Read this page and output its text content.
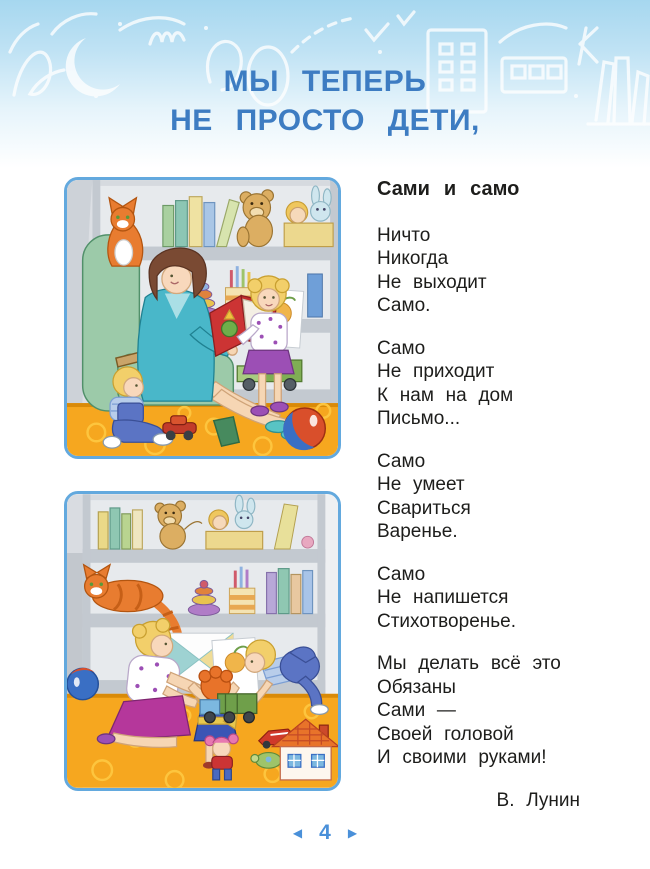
МЫ ТЕПЕРЬ
НЕ ПРОСТО ДЕТИ,
Сами и само
Ничто
Никогда
Не выходит
Само.
Само
Не приходит
К нам на дом
Письмо...
Само
Не умеет
Свариться
Варенье.
Само
Не напишется
Стихотворенье.
Мы делать всё это
Обязаны
Сами —
Своей головой
И своими руками!
В. Лунин
◀ 4 ▶
